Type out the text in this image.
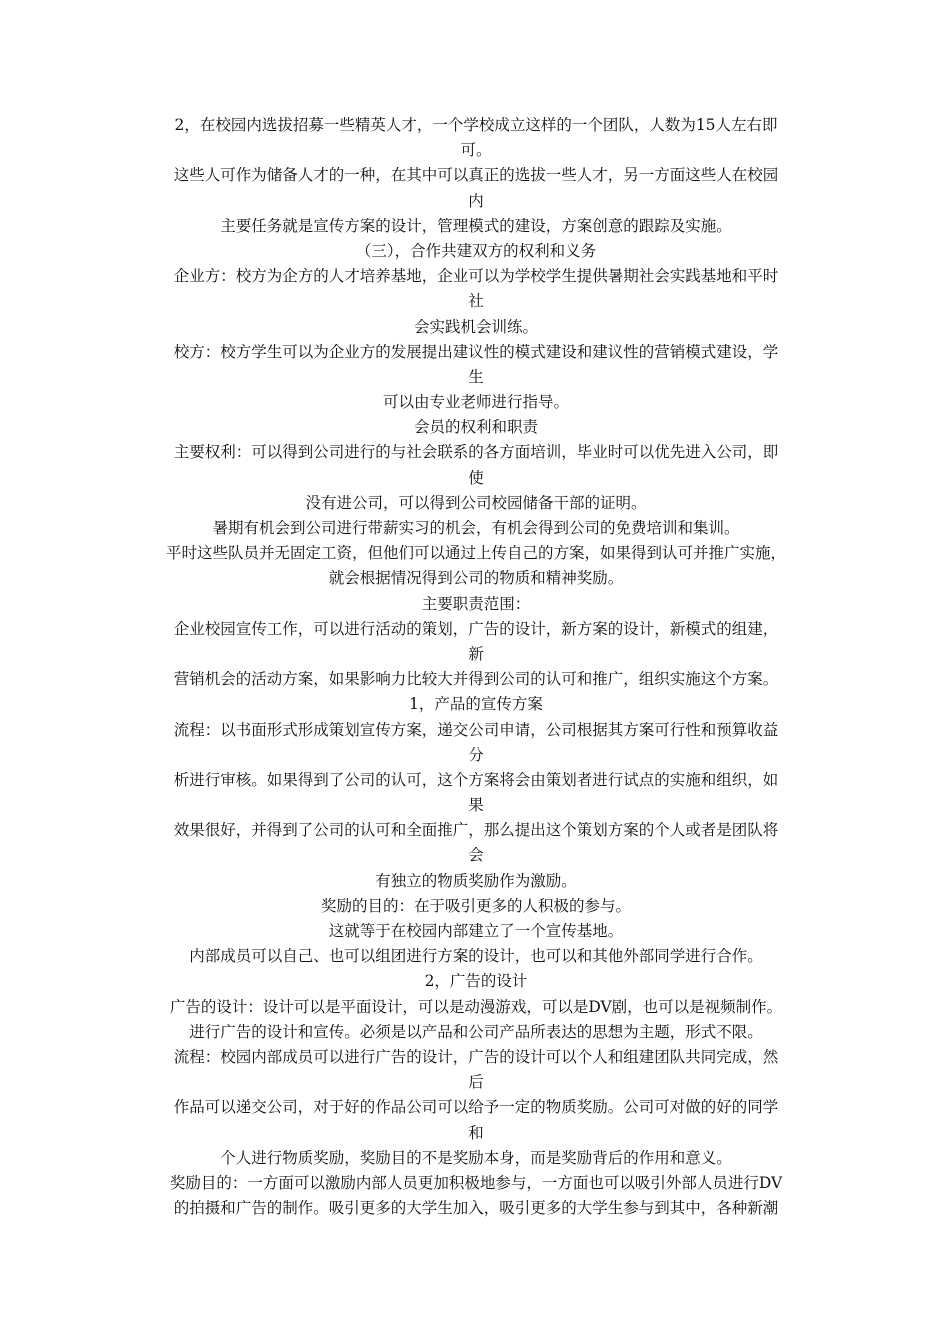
2，在校园内选拔招募一些精英人才，一个学校成立这样的一个团队，人数为15人左右即
可。
这些人可作为储备人才的一种，在其中可以真正的选拔一些人才，另一方面这些人在校园
内
主要任务就是宣传方案的设计，管理模式的建设，方案创意的跟踪及实施。
（三），合作共建双方的权利和义务
企业方：校方为企方的人才培养基地，企业可以为学校学生提供暑期社会实践基地和平时
社
会实践机会训练。
校方：校方学生可以为企业方的发展提出建议性的模式建设和建议性的营销模式建设，学
生
可以由专业老师进行指导。
会员的权利和职责
主要权利：可以得到公司进行的与社会联系的各方面培训，毕业时可以优先进入公司，即
使
没有进公司，可以得到公司校园储备干部的证明。
暑期有机会到公司进行带薪实习的机会，有机会得到公司的免费培训和集训。
平时这些队员并无固定工资，但他们可以通过上传自己的方案，如果得到认可并推广实施，
就会根据情况得到公司的物质和精神奖励。
主要职责范围：
企业校园宣传工作，可以进行活动的策划，广告的设计，新方案的设计，新模式的组建，
新
营销机会的活动方案，如果影响力比较大并得到公司的认可和推广，组织实施这个方案。
1，产品的宣传方案
流程：以书面形式形成策划宣传方案，递交公司申请，公司根据其方案可行性和预算收益
分
析进行审核。如果得到了公司的认可，这个方案将会由策划者进行试点的实施和组织，如
果
效果很好，并得到了公司的认可和全面推广，那么提出这个策划方案的个人或者是团队将
会
有独立的物质奖励作为激励。
奖励的目的：在于吸引更多的人积极的参与。
这就等于在校园内部建立了一个宣传基地。
内部成员可以自己、也可以组团进行方案的设计，也可以和其他外部同学进行合作。
2，广告的设计
广告的设计：设计可以是平面设计，可以是动漫游戏，可以是DV剧，也可以是视频制作。
进行广告的设计和宣传。必须是以产品和公司产品所表达的思想为主题，形式不限。
流程：校园内部成员可以进行广告的设计，广告的设计可以个人和组建团队共同完成，然
后
作品可以递交公司，对于好的作品公司可以给予一定的物质奖励。公司可对做的好的同学
和
个人进行物质奖励，奖励目的不是奖励本身，而是奖励背后的作用和意义。
奖励目的：一方面可以激励内部人员更加积极地参与，一方面也可以吸引外部人员进行DV
的拍摄和广告的制作。吸引更多的大学生加入，吸引更多的大学生参与到其中，各种新潮
